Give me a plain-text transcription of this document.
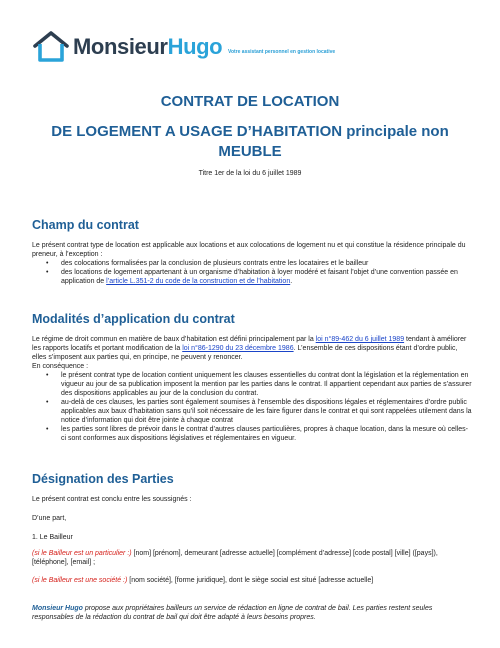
MonsieurHugo Votre assistant personnel en gestion locative
CONTRAT DE LOCATION
DE LOGEMENT A USAGE D’HABITATION principale non MEUBLE
Titre 1er de la loi du 6 juillet 1989
Champ du contrat

Le présent contrat type de location est applicable aux locations et aux colocations de logement nu et qui constitue la résidence principale du preneur, à l’exception :

• des colocations formalisées par la conclusion de plusieurs contrats entre les locataires et le bailleur
• des locations de logement appartenant à un organisme d’habitation à loyer modéré et faisant l’objet d’une convention passée en application de l’article L.351-2 du code de la construction et de l’habitation.
Modalités d’application du contrat

Le régime de droit commun en matière de baux d’habitation est défini principalement par la loi n°89-462 du 6 juillet 1989 tendant à améliorer les rapports locatifs et portant modification de la loi n°86-1290 du 23 décembre 1986. L’ensemble de ces dispositions étant d’ordre public, elles s’imposent aux parties qui, en principe, ne peuvent y renoncer.

En conséquence :

• le présent contrat type de location contient uniquement les clauses essentielles du contrat dont la législation et la réglementation en vigueur au jour de sa publication imposent la mention par les parties dans le contrat. Il appartient cependant aux parties de s’assurer des dispositions applicables au jour de la conclusion du contrat.
• au-delà de ces clauses, les parties sont également soumises à l’ensemble des dispositions légales et réglementaires d’ordre public applicables aux baux d’habitation sans qu’il soit nécessaire de les faire figurer dans le contrat et qui sont rappelées utilement dans la notice d’information qui doit être jointe à chaque contrat
• les parties sont libres de prévoir dans le contrat d’autres clauses particulières, propres à chaque location, dans la mesure où celles-ci sont conformes aux dispositions législatives et réglementaires en vigueur.
Désignation des Parties
Le présent contrat est conclu entre les soussignés :
D’une part,
1. Le Bailleur
(si le Bailleur est un particulier :) [nom] [prénom], demeurant [adresse actuelle] [complément d’adresse] [code postal] [ville] ([pays]), [téléphone], [email] ;
(si le Bailleur est une société :) [nom société], [forme juridique], dont le siège social est situé [adresse actuelle]
Monsieur Hugo propose aux propriétaires bailleurs un service de rédaction en ligne de contrat de bail. Les parties restent seules responsables de la rédaction du contrat de bail qui doit être adapté à leurs besoins propres.
